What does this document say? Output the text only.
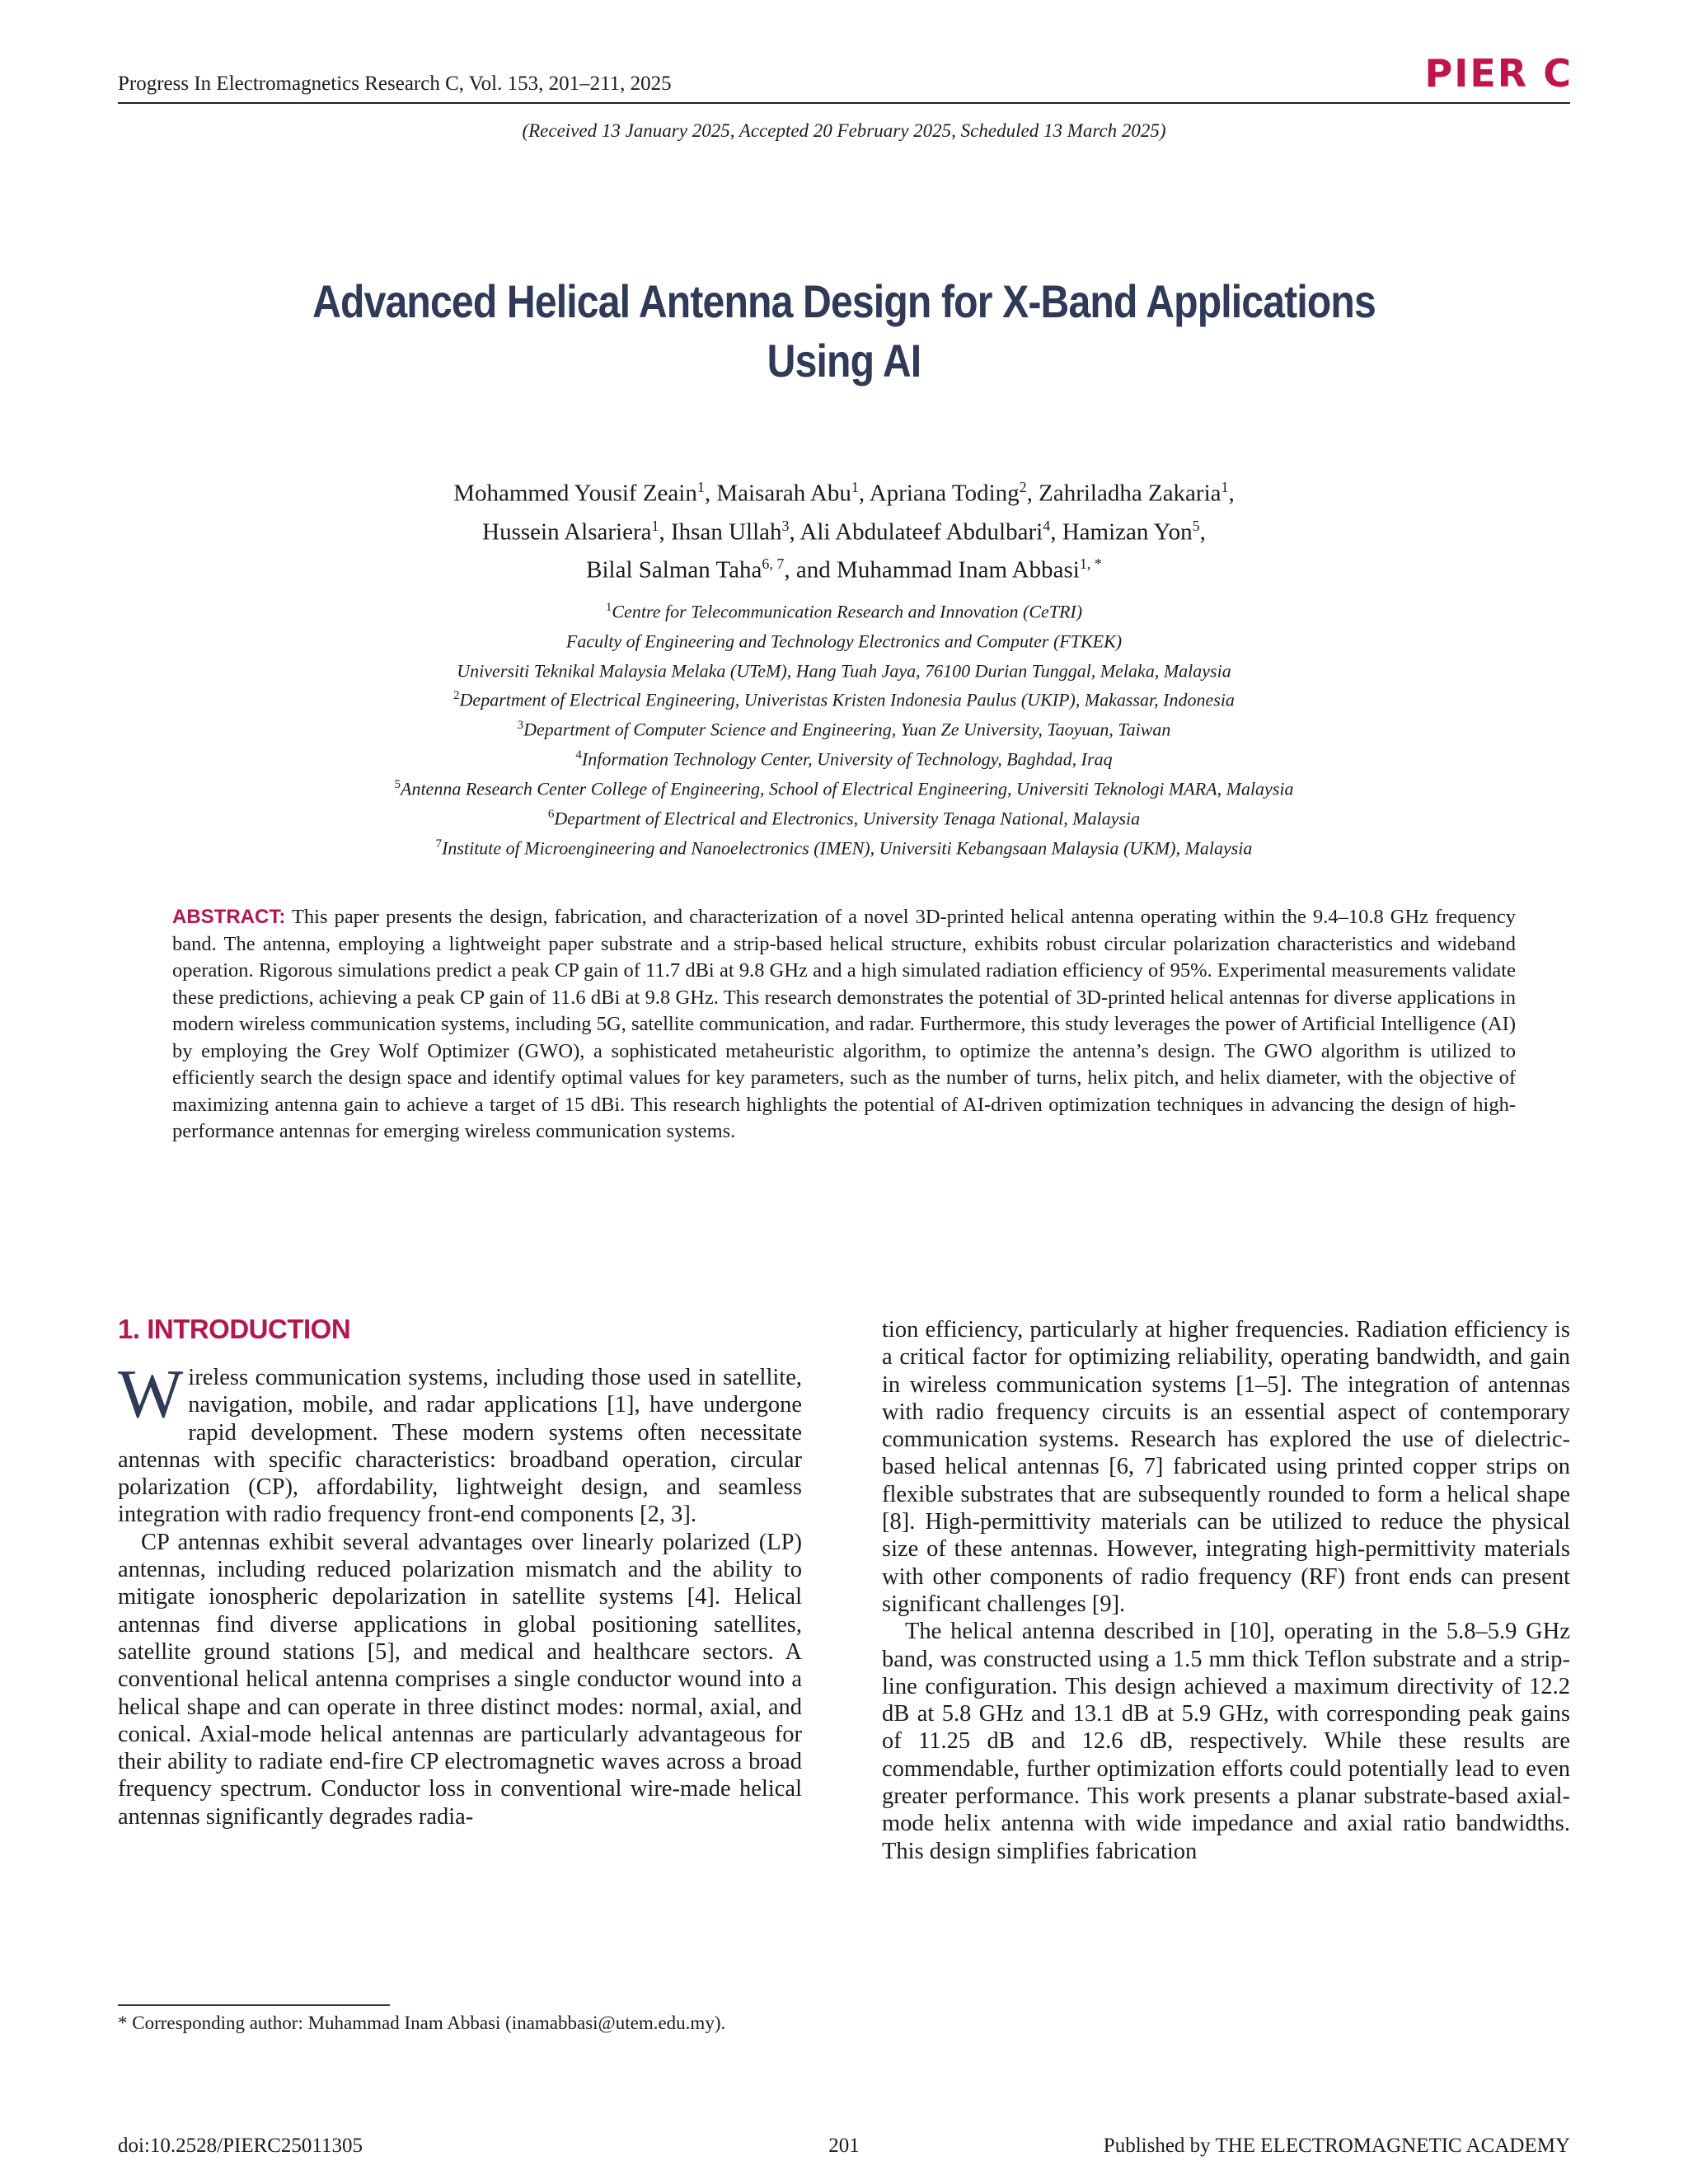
Progress In Electromagnetics Research C, Vol. 153, 201–211, 2025	PIER C
(Received 13 January 2025, Accepted 20 February 2025, Scheduled 13 March 2025)
Advanced Helical Antenna Design for X-Band Applications
Using AI
Mohammed Yousif Zeain$^1$, Maisarah Abu$^1$, Apriana Toding$^2$, Zahriladha Zakaria$^1$,
Hussein Alsariera$^1$, Ihsan Ullah$^3$, Ali Abdulateef Abdulbari$^4$, Hamizan Yon$^5$,
Bilal Salman Taha$^{6, 7}$, and Muhammad Inam Abbasi$^{1, *}$
$^1$Centre for Telecommunication Research and Innovation (CeTRI)
Faculty of Engineering and Technology Electronics and Computer (FTKEK)
Universiti Teknikal Malaysia Melaka (UTeM), Hang Tuah Jaya, 76100 Durian Tunggal, Melaka, Malaysia
$^2$Department of Electrical Engineering, Univeristas Kristen Indonesia Paulus (UKIP), Makassar, Indonesia
$^3$Department of Computer Science and Engineering, Yuan Ze University, Taoyuan, Taiwan
$^4$Information Technology Center, University of Technology, Baghdad, Iraq
$^5$Antenna Research Center College of Engineering, School of Electrical Engineering, Universiti Teknologi MARA, Malaysia
$^6$Department of Electrical and Electronics, University Tenaga National, Malaysia
$^7$Institute of Microengineering and Nanoelectronics (IMEN), Universiti Kebangsaan Malaysia (UKM), Malaysia
ABSTRACT: This paper presents the design, fabrication, and characterization of a novel 3D-printed helical antenna operating within the 9.4–10.8 GHz frequency band. The antenna, employing a lightweight paper substrate and a strip-based helical structure, exhibits robust circular polarization characteristics and wideband operation. Rigorous simulations predict a peak CP gain of 11.7 dBi at 9.8 GHz and a high simulated radiation efficiency of 95%. Experimental measurements validate these predictions, achieving a peak CP gain of 11.6 dBi at 9.8 GHz. This research demonstrates the potential of 3D-printed helical antennas for diverse applications in modern wireless communication systems, including 5G, satellite communication, and radar. Furthermore, this study leverages the power of Artificial Intelligence (AI) by employing the Grey Wolf Optimizer (GWO), a sophisticated metaheuristic algorithm, to optimize the antenna’s design. The GWO algorithm is utilized to efficiently search the design space and identify optimal values for key parameters, such as the number of turns, helix pitch, and helix diameter, with the objective of maximizing antenna gain to achieve a target of 15 dBi. This research highlights the potential of AI-driven optimization techniques in advancing the design of high-performance antennas for emerging wireless communication systems.
1. INTRODUCTION

Wireless communication systems, including those used in satellite, navigation, mobile, and radar applications [1], have undergone rapid development. These modern systems often necessitate antennas with specific characteristics: broadband operation, circular polarization (CP), affordability, lightweight design, and seamless integration with radio frequency front-end components [2, 3].

CP antennas exhibit several advantages over linearly polarized (LP) antennas, including reduced polarization mismatch and the ability to mitigate ionospheric depolarization in satellite systems [4]. Helical antennas find diverse applications in global positioning satellites, satellite ground stations [5], and medical and healthcare sectors. A conventional helical antenna comprises a single conductor wound into a helical shape and can operate in three distinct modes: normal, axial, and conical. Axial-mode helical antennas are particularly advantageous for their ability to radiate end-fire CP electromagnetic waves across a broad frequency spectrum. Conductor loss in conventional wire-made helical antennas significantly degrades radia-

* Corresponding author: Muhammad Inam Abbasi (inamabbasi@utem.edu.my).

tion efficiency, particularly at higher frequencies. Radiation efficiency is a critical factor for optimizing reliability, operating bandwidth, and gain in wireless communication systems [1–5]. The integration of antennas with radio frequency circuits is an essential aspect of contemporary communication systems. Research has explored the use of dielectric-based helical antennas [6, 7] fabricated using printed copper strips on flexible substrates that are subsequently rounded to form a helical shape [8]. High-permittivity materials can be utilized to reduce the physical size of these antennas. However, integrating high-permittivity materials with other components of radio frequency (RF) front ends can present significant challenges [9].

The helical antenna described in [10], operating in the 5.8–5.9 GHz band, was constructed using a 1.5 mm thick Teflon substrate and a strip-line configuration. This design achieved a maximum directivity of 12.2 dB at 5.8 GHz and 13.1 dB at 5.9 GHz, with corresponding peak gains of 11.25 dB and 12.6 dB, respectively. While these results are commendable, further optimization efforts could potentially lead to even greater performance. This work presents a planar substrate-based axial-mode helix antenna with wide impedance and axial ratio bandwidths. This design simplifies fabrication

doi:10.2528/PIERC25011305	201	Published by THE ELECTROMAGNETIC ACADEMY
